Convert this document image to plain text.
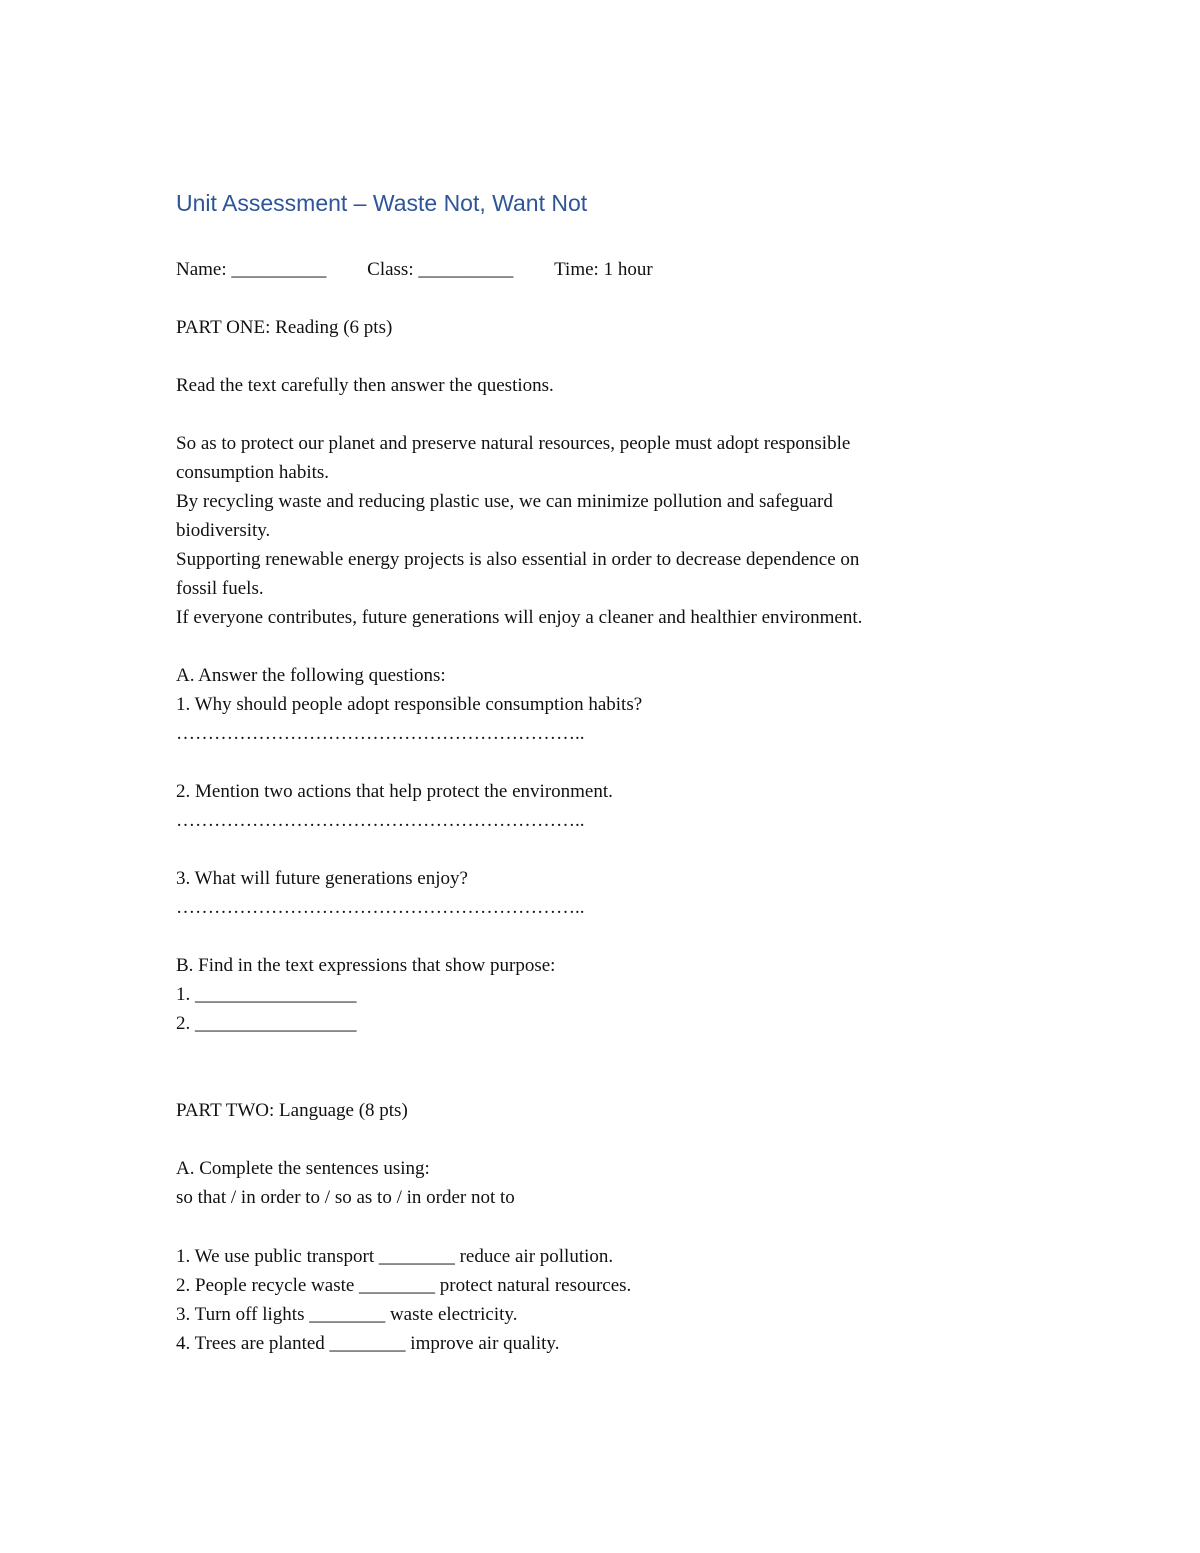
Unit Assessment – Waste Not, Want Not
Name: __________ Class: __________ Time: 1 hour
PART ONE: Reading (6 pts)
Read the text carefully then answer the questions.
So as to protect our planet and preserve natural resources, people must adopt responsible
consumption habits.
By recycling waste and reducing plastic use, we can minimize pollution and safeguard
biodiversity.
Supporting renewable energy projects is also essential in order to decrease dependence on
fossil fuels.
If everyone contributes, future generations will enjoy a cleaner and healthier environment.
A. Answer the following questions:
1. Why should people adopt responsible consumption habits?
………………………………………………………..
2. Mention two actions that help protect the environment.
………………………………………………………..
3. What will future generations enjoy?
………………………………………………………..
B. Find in the text expressions that show purpose:
1. _________________
2. _________________
PART TWO: Language (8 pts)
A. Complete the sentences using:
so that / in order to / so as to / in order not to
1. We use public transport ________ reduce air pollution.
2. People recycle waste ________ protect natural resources.
3. Turn off lights ________ waste electricity.
4. Trees are planted ________ improve air quality.
